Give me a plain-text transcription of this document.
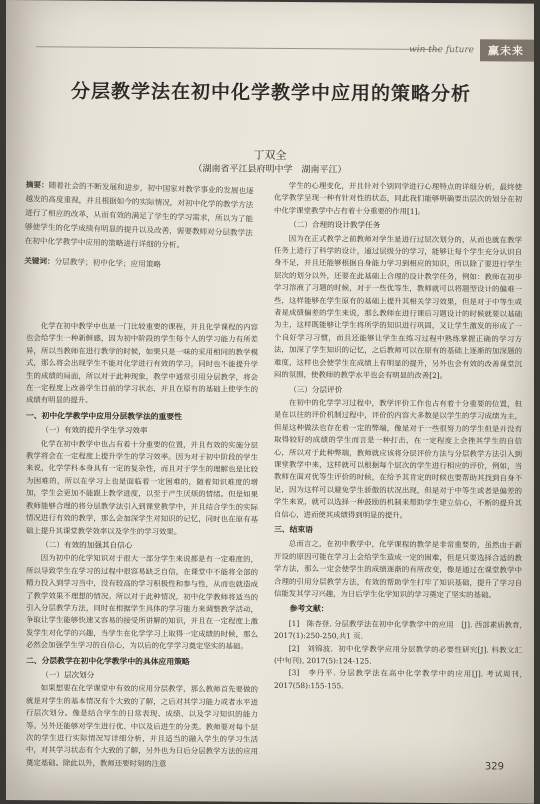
win the future	赢未来
分层教学法在初中化学教学中应用的策略分析
丁双全
（湖南省平江县府明中学　湖南平江）
摘要：随着社会的不断发展和进步，初中国家对教学事业的发展也逐越发的高度重视，并且根据如今的实际情况，对初中化学的教学方法进行了相应的改革，从而有效的满足了学生的学习需求，所以为了能够使学生的化学成绩有明显的提升以及改善，需要教师对分层教学法在初中化学教学中应用的策略进行详细的分析。
关键词：分层教学；初中化学；应用策略

化学在初中教学中也是一门比较重要的课程，并且化学课程的内容也会给学生一种新鲜感，因为初中阶段的学生每个人的学习能力有所差异，所以当教师在进行教学的时候，如果只是一味的采用相同的教学模式，那么将会出现学生不能对化学进行有效的学习，同时也不能提升学生的成绩的局面，所以对于此种现象，教学中通常引用分层教学，将会在一定程度上改善学生目前的学习状态，并且在原有的基础上使学生的成绩有明显的提升。

一、初中化学教学中应用分层教学法的重要性
（一）有效的提升学生学习效率

化学在初中教学中也占有着十分重要的位置，并且有效的实施分层教学将会在一定程度上提升学生的学习效率。因为对于初中阶段的学生来说，化学学科本身具有一定的复杂性，而且对于学生的理解也是比较为困难的，所以在学习上也是面临着一定困难的，随着知识难度的增加，学生会更加不能跟上教学进度，以至于产生厌烦的情绪。但是如果教师能够合理的将分层教学法引入到课堂教学中，并且结合学生的实际情况进行有效的教学，那么会加深学生对知识的记忆，同时也在原有基础上提升其课堂教学效率以及学生的学习效果。

（二）有效的加强其自信心

因为初中的化学知识对于很大一部分学生来说都是有一定难度的，所以导致学生在学习的过程中很容易缺乏自信，在课堂中不能将全部的精力投入到学习当中，没有较高的学习积极性和参与性，从而也就造成了教学效果不理想的情况。所以对于此种情况，初中化学教师将适当的引入分层教学方法，同时在根据学生具体的学习能力来调整教学活动，争取让学生能够快速又容易的接受所讲解的知识，并且在一定程度上激发学生对化学的兴趣，当学生在化学学习上取得一定成绩的时候，那么必然会加强学生学习的自信心，为以后的化学学习奠定坚实的基础。

二、分层教学在初中化学教学中的具体应用策略
（一）层次划分

如果想要在化学课堂中有效的应用分层教学，那么教师首先要做的就是对学生的基本情况有个大致的了解，之后对其学习能力或者水平进行层次划分。像是结合学生的日常表现、成绩、以及学习知识的能力等。另外还能够对学生进行优、中以及后进生的分类。教师要对每个层次的学生进行实际情况写详细分析，并且适当的融入学生的学习生活中，对其学习状态有个大致的了解，另外也为日后分层教学方法的应用奠定基础。除此以外，教师还要时刻的注意

学生的心理变化，并且针对个别同学进行心理特点的详细分析，最终使化学教学呈现一种有针对性的状态，同此我们能够明确要出层次的划分在初中化学课堂教学中占有着十分重要的作用[1]。

（二）合理的设计教学任务

因为在正式教学之前教师对学生是进行过层次划分的，从而也就在教学任务上进行了科学的设计，通过层级分的学习，能够让每个学生充分认识自身不足，并且还能够根据自身能力学习到相应的知识，所以除了要进行学生层次的划分以外，还要在此基础上合理的设计教学任务，例如：教师在初步学习溶液了习题的时候，对于一些优等生，教师就可以将题型设计的偏难一些，这样能够在学生原有的基础上提升其相关学习效果，但是对于中等生或者是成绩偏差的学生来说，那么教师在进行课后习题设计的时候就要以基础为主，这样既能够让学生将所学的知识进行巩固，又让学生激发的形成了一个良好学习习惯，而且还能够让学生在练习过程中熟练掌握正确的学习方法，加深了学生知识的记忆，之后教师可以在原有的基础上逐渐的加深题的难度，这样也会使学生在成绩上有明显的提升，另外也会有效的改善课堂沉闷的氛围，使教师的教学水平也会有明显的改善[2]。

（三）分层评价

在初中的化学学习过程中，教学评价工作也占有着十分重要的位置，但是在以往的评价机制过程中，评价的内容大多数是以学生的学习成绩为主，但是这种做法也存在着一定的弊端，像是对于一些很努力的学生但是并没有取得较好的成绩的学生而言是一种打击，在一定程度上会挫其学生的自信心，所以对于此种弊端，教师就应该将分层评价方法与分层教学方法引入到课堂教学中来，这样就可以根据每个层次的学生进行相应的评价，例如，当教师在面对优等生评价的时候，在给予其肯定的时候也要帮助其找到自身不足，因为这样可以避免学生骄傲的状况出现，但是对于中等生或者是偏差的学生来说，就可以选择一种鼓励的机制来帮助学生建立信心，不断的提升其自信心，进而使其成绩得到明显的提升。

三、结束语

总而言之，在初中教学中，化学课程的教学是非常重要的，虽然由于新开设的原因可能在学习上会给学生造成一定的困难，但是只要选择合适的教学方法，那么一定会使学生的成绩逐渐的有所改变，像是通过在课堂教学中合理的引用分层教学方法，有效的帮助学生打牢了知识基础，提升了学习自信能发其学习兴趣，为日后学生化学知识的学习奠定了坚实的基础。

参考文献：

[1]　陈杏登. 分层教学法在初中化学教学中的应用　[J]. 西部素质教育, 2017(1):250-250,共1 页.

[2]　刘锦波．初中化学教学应用分层教学的必要性研究[J]. 科教文汇(中旬刊), 2017(5):124-125.

[3]　李丹平. 分层教学法在高中化学教学中的应用[J]. 考试周刊, 2017(58):155-155.

329
